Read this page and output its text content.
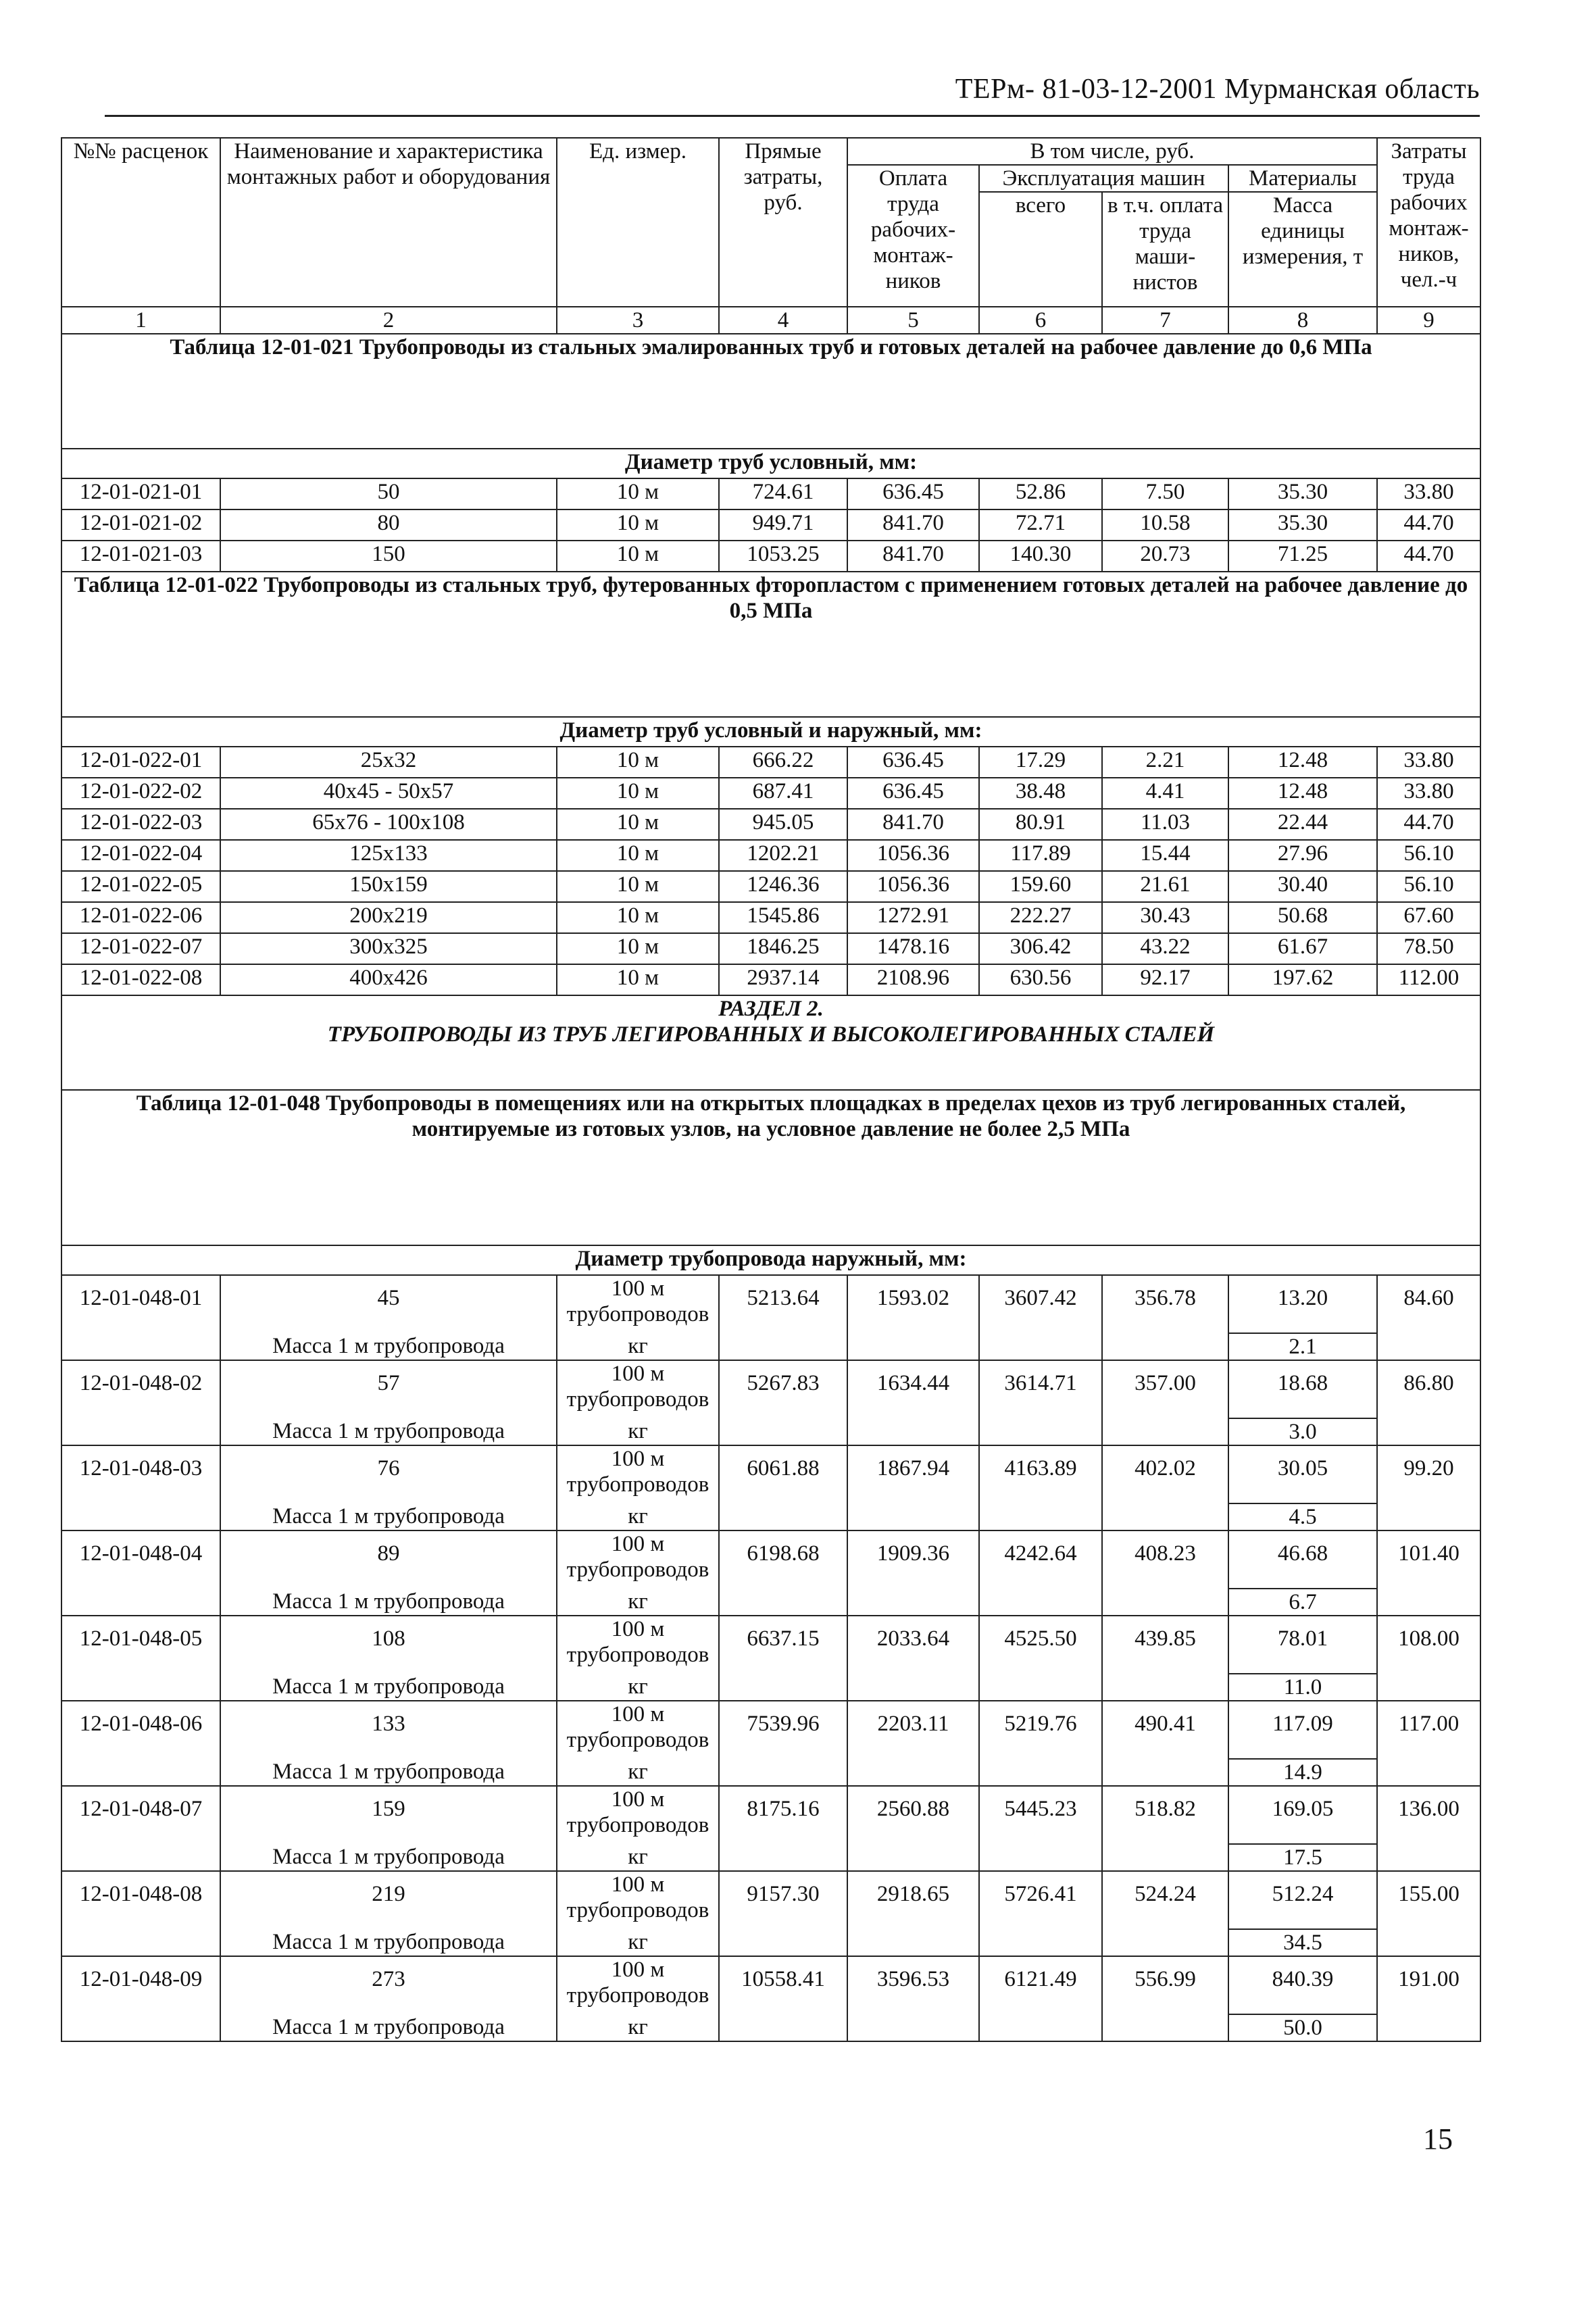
ТЕРм- 81-03-12-2001 Мурманская область
№№ расценок	Наименование и характеристика монтажных работ и оборудования	Ед. измер.	Прямые затраты, руб.	В том числе, руб.				Затраты труда рабочих монтаж-ников, чел.-ч
				Оплата труда рабочих-монтаж-ников	Эксплуатация машин		Материалы	
					всего	в т.ч. оплата труда маши-нистов	Масса единицы измерения, т	
1	2	3	4	5	6	7	8	9
Таблица 12-01-021 Трубопроводы из стальных эмалированных труб и готовых деталей на рабочее давление до 0,6 МПа								
Диаметр труб условный, мм:								
12-01-021-01	50	10 м	724.61	636.45	52.86	7.50	35.30	33.80
12-01-021-02	80	10 м	949.71	841.70	72.71	10.58	35.30	44.70
12-01-021-03	150	10 м	1053.25	841.70	140.30	20.73	71.25	44.70
Таблица 12-01-022 Трубопроводы из стальных труб, футерованных фторопластом с применением готовых деталей на рабочее давление до 0,5 МПа								
Диаметр труб условный и наружный, мм:								
12-01-022-01	25x32	10 м	666.22	636.45	17.29	2.21	12.48	33.80
12-01-022-02	40x45 - 50x57	10 м	687.41	636.45	38.48	4.41	12.48	33.80
12-01-022-03	65x76 - 100x108	10 м	945.05	841.70	80.91	11.03	22.44	44.70
12-01-022-04	125x133	10 м	1202.21	1056.36	117.89	15.44	27.96	56.10
12-01-022-05	150x159	10 м	1246.36	1056.36	159.60	21.61	30.40	56.10
12-01-022-06	200x219	10 м	1545.86	1272.91	222.27	30.43	50.68	67.60
12-01-022-07	300x325	10 м	1846.25	1478.16	306.42	43.22	61.67	78.50
12-01-022-08	400x426	10 м	2937.14	2108.96	630.56	92.17	197.62	112.00

РАЗДЕЛ 2.
ТРУБОПРОВОДЫ ИЗ ТРУБ ЛЕГИРОВАННЫХ И ВЫСОКОЛЕГИРОВАННЫХ СТАЛЕЙ								

Таблица 12-01-048 Трубопроводы в помещениях или на открытых площадках в пределах цехов из труб легированных сталей, монтируемые из готовых узлов, на условное давление не более 2,5 МПа								
Диаметр трубопровода наружный, мм:								
12-01-048-01	45	100 м трубопроводов	5213.64	1593.02	3607.42	356.78	13.20	84.60
	Масса 1 м трубопровода	кг					2.1	
12-01-048-02	57	100 м трубопроводов	5267.83	1634.44	3614.71	357.00	18.68	86.80
	Масса 1 м трубопровода	кг					3.0	
12-01-048-03	76	100 м трубопроводов	6061.88	1867.94	4163.89	402.02	30.05	99.20
	Масса 1 м трубопровода	кг					4.5	
12-01-048-04	89	100 м трубопроводов	6198.68	1909.36	4242.64	408.23	46.68	101.40
	Масса 1 м трубопровода	кг					6.7	
12-01-048-05	108	100 м трубопроводов	6637.15	2033.64	4525.50	439.85	78.01	108.00
	Масса 1 м трубопровода	кг					11.0	
12-01-048-06	133	100 м трубопроводов	7539.96	2203.11	5219.76	490.41	117.09	117.00
	Масса 1 м трубопровода	кг					14.9	
12-01-048-07	159	100 м трубопроводов	8175.16	2560.88	5445.23	518.82	169.05	136.00
	Масса 1 м трубопровода	кг					17.5	
12-01-048-08	219	100 м трубопроводов	9157.30	2918.65	5726.41	524.24	512.24	155.00
	Масса 1 м трубопровода	кг					34.5	
12-01-048-09	273	100 м трубопроводов	10558.41	3596.53	6121.49	556.99	840.39	191.00
	Масса 1 м трубопровода	кг					50.0	
15
